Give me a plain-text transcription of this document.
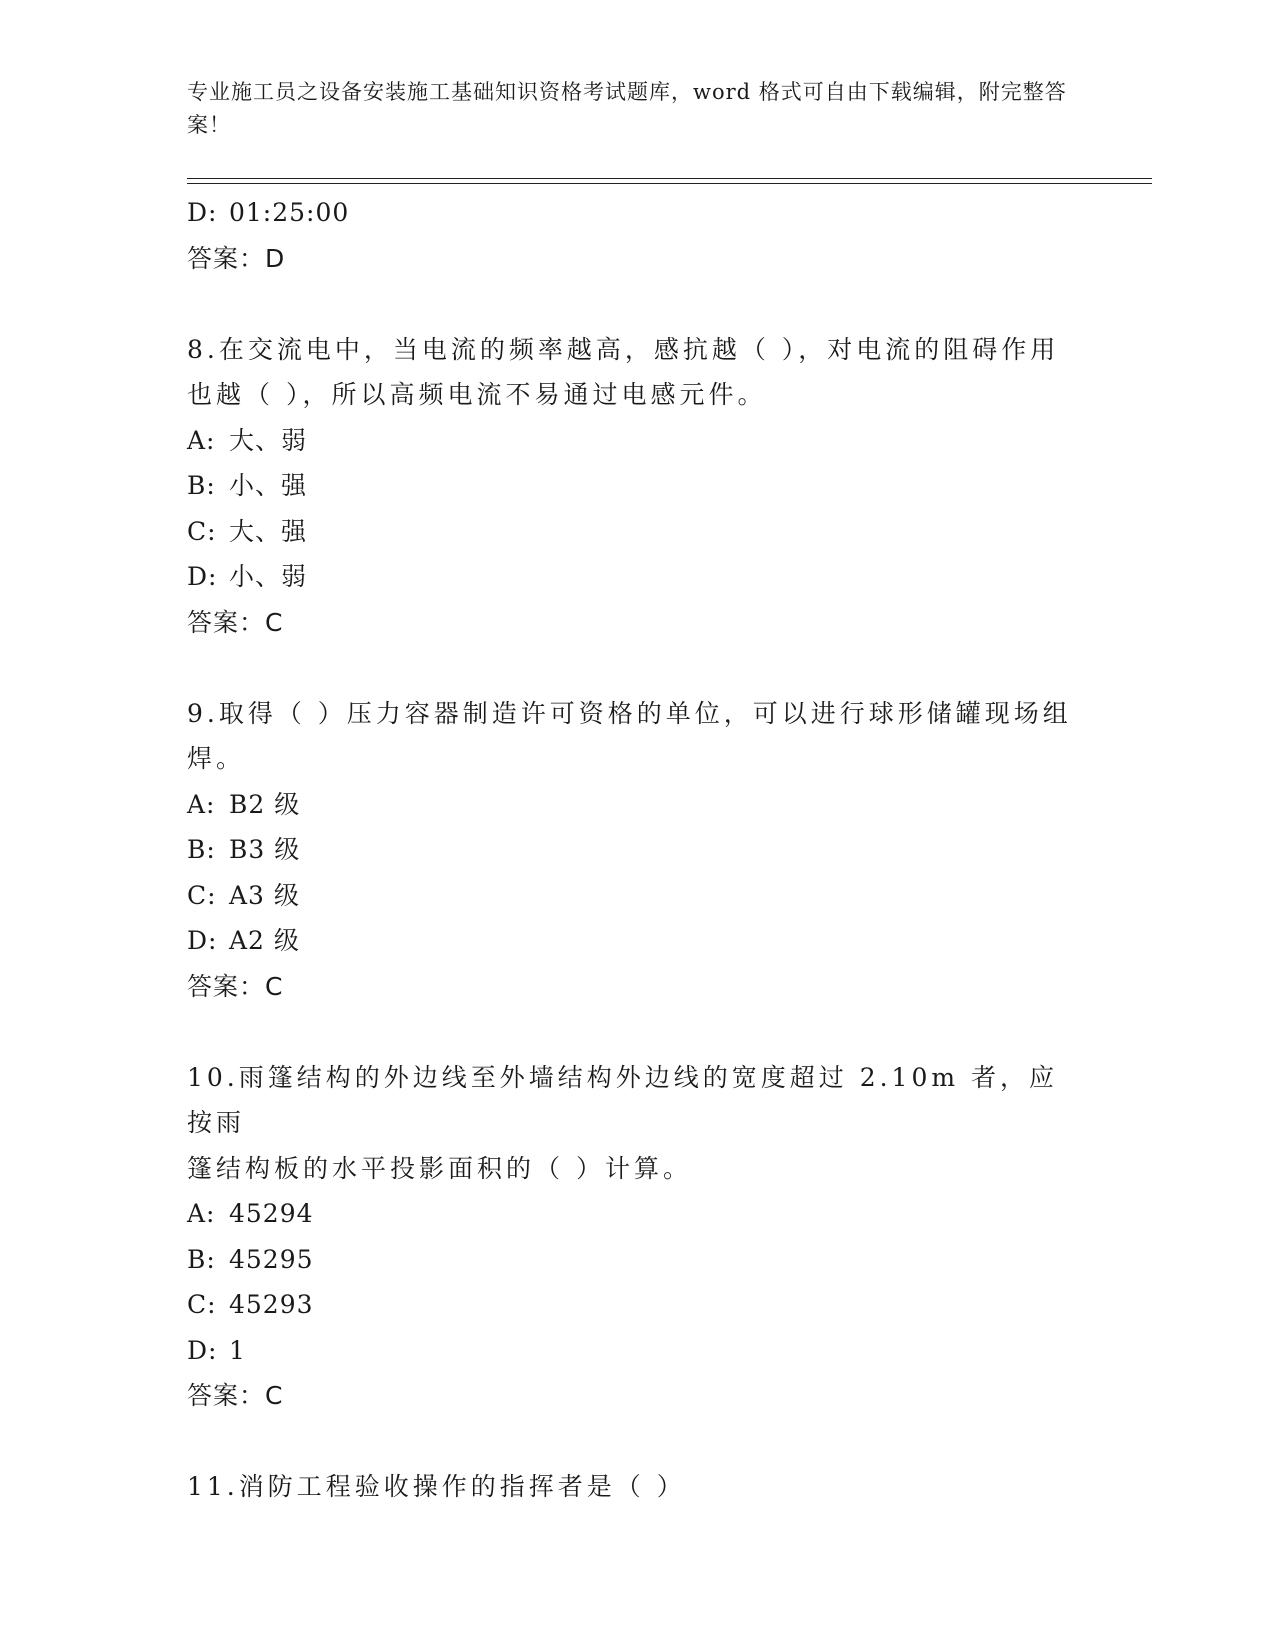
专业施工员之设备安装施工基础知识资格考试题库，word 格式可自由下载编辑，附完整答案！
D: 01:25:00
答案：D
8.在交流电中，当电流的频率越高，感抗越（ ），对电流的阻碍作用
也越（ ），所以高频电流不易通过电感元件。
A: 大、弱
B: 小、强
C: 大、强
D: 小、弱
答案：C
9.取得（ ）压力容器制造许可资格的单位，可以进行球形储罐现场组
焊。
A: B2 级
B: B3 级
C: A3 级
D: A2 级
答案：C
10.雨篷结构的外边线至外墙结构外边线的宽度超过 2.10m 者，应按雨
篷结构板的水平投影面积的（ ）计算。
A: 45294
B: 45295
C: 45293
D: 1
答案：C
11.消防工程验收操作的指挥者是（ ）
